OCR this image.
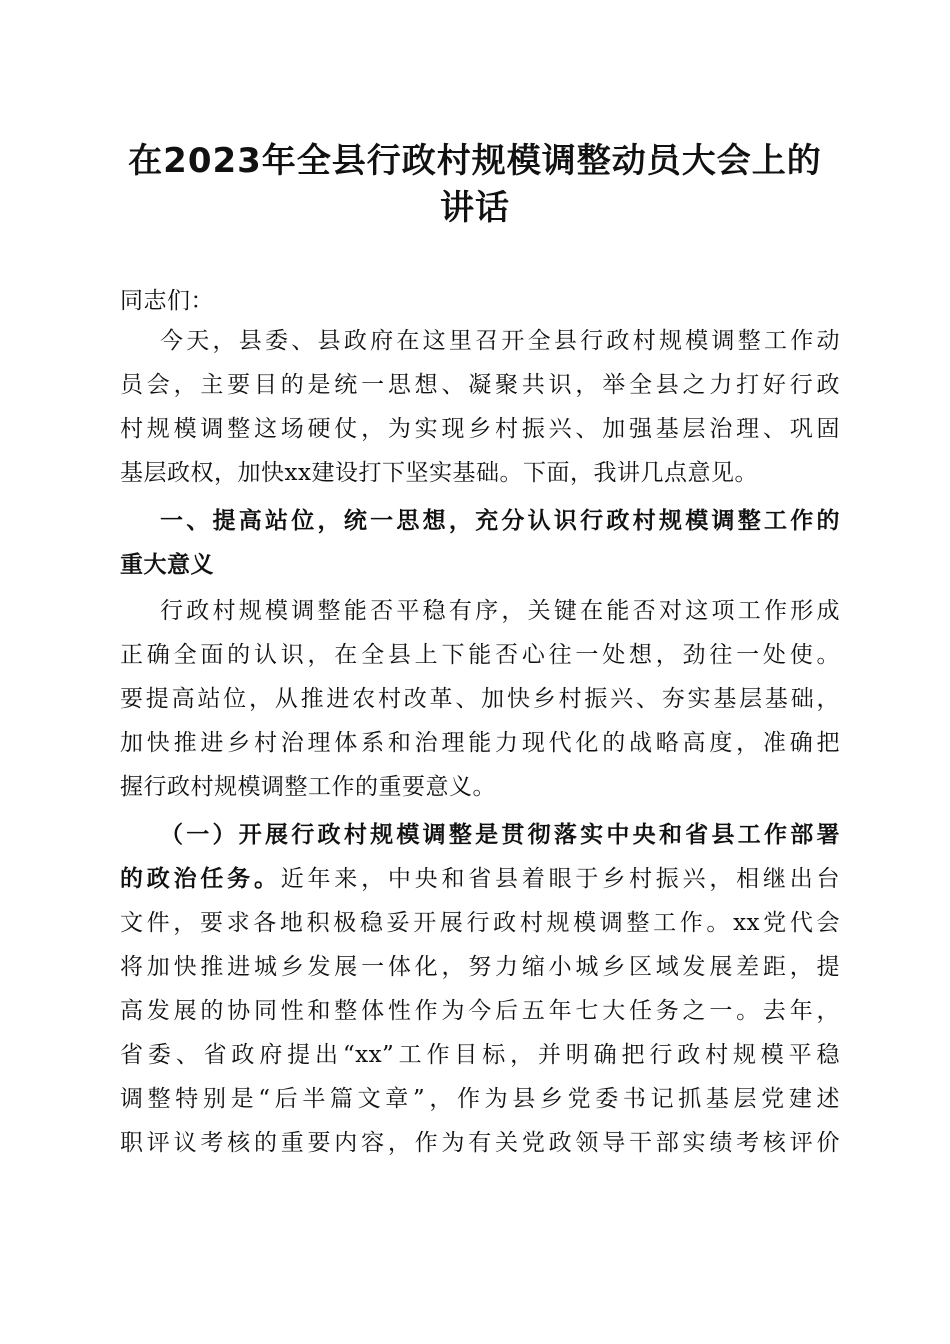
在2023年全县行政村规模调整动员大会上的
讲话
同志们：
今天，县委、县政府在这里召开全县行政村规模调整工作动
员会，主要目的是统一思想、凝聚共识，举全县之力打好行政
村规模调整这场硬仗，为实现乡村振兴、加强基层治理、巩固
基层政权，加快xx建设打下坚实基础。下面，我讲几点意见。
一、提高站位，统一思想，充分认识行政村规模调整工作的
重大意义
行政村规模调整能否平稳有序，关键在能否对这项工作形成
正确全面的认识，在全县上下能否心往一处想，劲往一处使。
要提高站位，从推进农村改革、加快乡村振兴、夯实基层基础，
加快推进乡村治理体系和治理能力现代化的战略高度，准确把
握行政村规模调整工作的重要意义。
（一）开展行政村规模调整是贯彻落实中央和省县工作部署
的政治任务。近年来，中央和省县着眼于乡村振兴，相继出台
文件，要求各地积极稳妥开展行政村规模调整工作。xx党代会
将加快推进城乡发展一体化，努力缩小城乡区域发展差距，提
高发展的协同性和整体性作为今后五年七大任务之一。去年，
省委、省政府提出“xx”工作目标，并明确把行政村规模平稳
调整特别是“后半篇文章”，作为县乡党委书记抓基层党建述
职评议考核的重要内容，作为有关党政领导干部实绩考核评价
